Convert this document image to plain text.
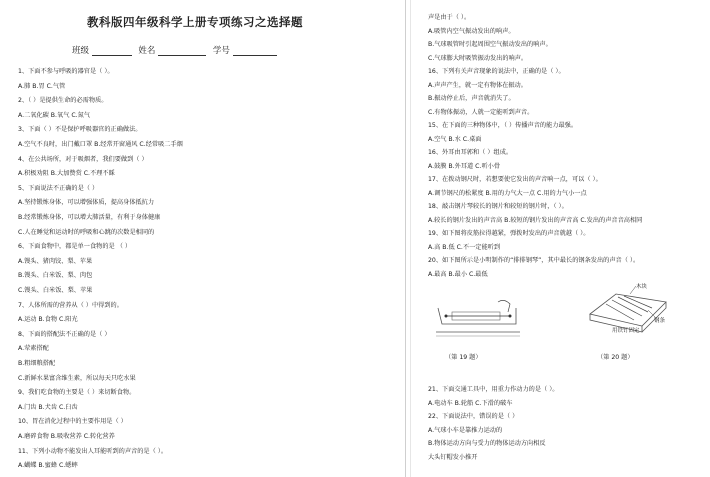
教科版四年级科学上册专项练习之选择题
班级	姓名	学号
1、下面不参与呼吸的器官是（ ）。
A.肺 B.胃 C.气管
2、（ ）是提供生命的必需物质。
A.二氧化碳 B.氧气 C.氮气
3、下面（ ）不是保护呼吸器官的正确做法。
A.空气不良时，出门戴口罩 B.经常开窗通风 C.经常吸二手烟
4、在公共场所，对于吸烟者，我们要做到（ ）
A.积极劝阻 B.大加赞赏 C.不理不睬
5、下面说法不正确的是（ ）
A.坚持锻炼身体，可以增强体质，提高身体抵抗力
B.经常锻炼身体，可以增大肺活量，有利于身体健康
C.人在睡觉和运动时的呼吸和心跳的次数是相同的
6、下面食物中，都是单一食物的是 （ ）
A.馒头、猪肉饺、梨、苹果
B.馒头、白米饭、梨、肉包
C.馒头、白米饭、梨、苹果
7、人体所需的营养从（ ）中得到的。
A.运动 B.食物 C.阳光
8、下面的搭配法不正确的是（ ）
A.荤素搭配
B.粗细粮搭配
C.新鲜水果富含维生素，所以每天只吃水果
9、我们吃食物的主要是（ ）来切断食物。
A.门齿 B.犬齿 C.臼齿
10、胃在消化过程中的主要作用是（ ）
A.磨碎食物 B.吸收营养 C.转化营养
11、下列小动物不能发出人耳能听到的声音的是（ ）。
A.蝴蝶 B.蜜蜂 C.蟋蟀
声是由于（ ）。
A.吸管内空气振动发出的响声。
B.气球吸管时引起周围空气振动发出的响声。
C.气球膨大时吸管振动发出的响声。
16、下列有关声音现象的说法中，正确的是（ ）。
A.声声产生，就一定有物体在振动。
B.振动停止后，声音就消失了。
C.有物体振动，人就一定能听到声音。
15、在下面的三种物体中，（ ）传播声音的能力最强。
A.空气 B.水 C.桌面
16、外耳由耳郭和（ ）组成。
A.鼓膜 B.外耳道 C.听小骨
17、在拨动钢尺时，若想要使它发出的声音响一点，可以（ ）。
A.调节钢尺的松紧度 B.用的力气大一点 C.用的力气小一点
18、敲击钢片琴较长的钢片和较短的钢片时，（ ）。
A.较长的钢片发出的声音高 B.较短的钢片发出的声音高 C.发出的声音音高相同
19、如下图将皮筋拉得越紧，弹拨时发出的声音就越（ ）。
A.高 B.低 C.不一定能听到
20、如下图所示是小明制作的“排排钢琴”，其中最长的钢条发出的声音（ ）。
A.最高 B.最小 C.最低
（第 19 题）
木块
钢条
用铁钉固定
（第 20 题）
21、下面交通工具中，用重力作动力的是（ ）。
A.电动车 B.轮船 C.下滑的破车
22、下面说法中，错误的是（ ）
A.气球小车是靠推力运动的
B.物体运动方向与受力的物体运动方向相反
大头钉帽发小推开
